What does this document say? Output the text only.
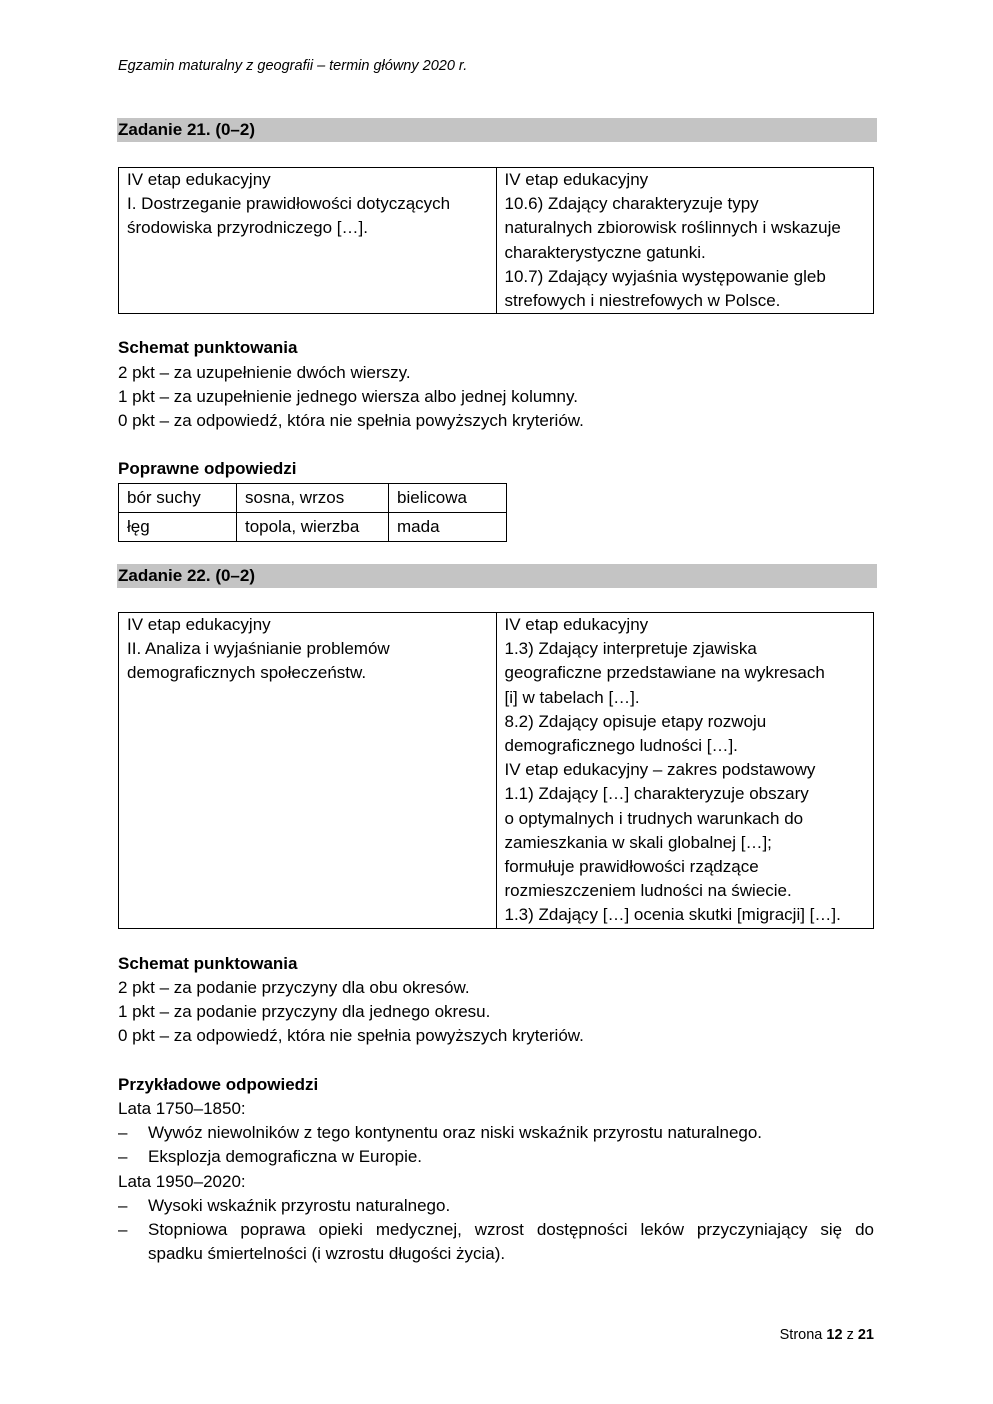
Egzamin maturalny z geografii – termin główny 2020 r.
Zadanie 21. (0–2)
IV etap edukacyjny
I. Dostrzeganie prawidłowości dotyczących
środowiska przyrodniczego […].

IV etap edukacyjny
10.6) Zdający charakteryzuje typy
naturalnych zbiorowisk roślinnych i wskazuje
charakterystyczne gatunki.
10.7) Zdający wyjaśnia występowanie gleb
strefowych i niestrefowych w Polsce.
Schemat punktowania
2 pkt – za uzupełnienie dwóch wierszy.
1 pkt – za uzupełnienie jednego wiersza albo jednej kolumny.
0 pkt – za odpowiedź, która nie spełnia powyższych kryteriów.
Poprawne odpowiedzi
bór suchy	sosna, wrzos	bielicowa
łęg	topola, wierzba	mada
Zadanie 22. (0–2)
IV etap edukacyjny
II. Analiza i wyjaśnianie problemów
demograficznych społeczeństw.

IV etap edukacyjny
1.3) Zdający interpretuje zjawiska
geograficzne przedstawiane na wykresach
[i] w tabelach […].
8.2) Zdający opisuje etapy rozwoju
demograficznego ludności […].
IV etap edukacyjny – zakres podstawowy
1.1) Zdający […] charakteryzuje obszary
o optymalnych i trudnych warunkach do
zamieszkania w skali globalnej […];
formułuje prawidłowości rządzące
rozmieszczeniem ludności na świecie.
1.3) Zdający […] ocenia skutki [migracji] […].
Schemat punktowania
2 pkt – za podanie przyczyny dla obu okresów.
1 pkt – za podanie przyczyny dla jednego okresu.
0 pkt – za odpowiedź, która nie spełnia powyższych kryteriów.
Przykładowe odpowiedzi
Lata 1750–1850:
– Wywóz niewolników z tego kontynentu oraz niski wskaźnik przyrostu naturalnego.
– Eksplozja demograficzna w Europie.
Lata 1950–2020:
– Wysoki wskaźnik przyrostu naturalnego.
– Stopniowa poprawa opieki medycznej, wzrost dostępności leków przyczyniający się do
spadku śmiertelności (i wzrostu długości życia).
Strona 12 z 21
